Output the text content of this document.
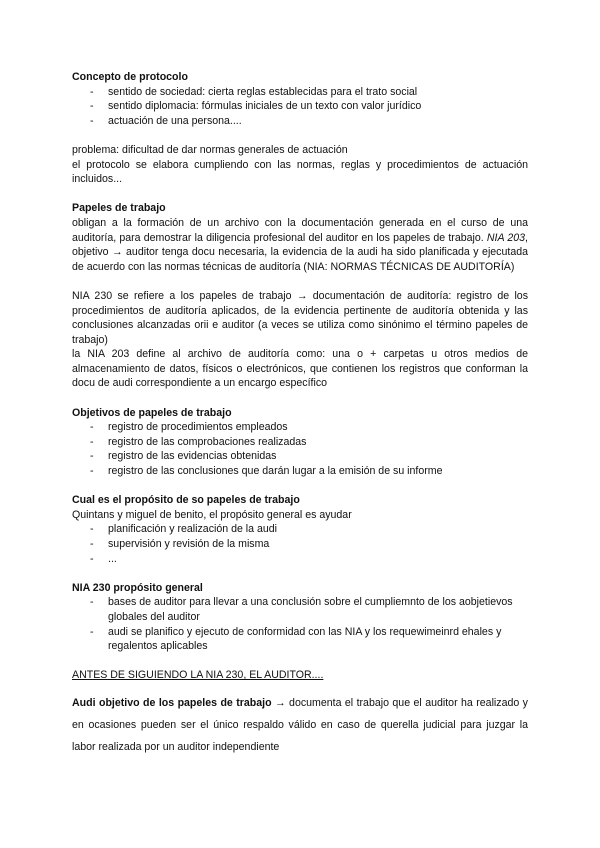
Concepto de protocolo

- sentido de sociedad: cierta reglas establecidas para el trato social
- sentido diplomacia: fórmulas iniciales de un texto con valor jurídico
- actuación de una persona....

problema: dificultad de dar normas generales de actuación

el protocolo se elabora cumpliendo con las normas, reglas y procedimientos de actuación incluidos...

Papeles de trabajo

obligan a la formación de un archivo con la documentación generada en el curso de una auditoría, para demostrar la diligencia profesional del auditor en los papeles de trabajo. NIA 203, objetivo → auditor tenga docu necesaria, la evidencia de la audi ha sido planificada y ejecutada de acuerdo con las normas técnicas de auditoría (NIA: NORMAS TÉCNICAS DE AUDITORÍA)

NIA 230 se refiere a los papeles de trabajo → documentación de auditoría: registro de los procedimientos de auditoría aplicados, de la evidencia pertinente de auditoría obtenida y las conclusiones alcanzadas orii e auditor (a veces se utiliza como sinónimo el término papeles de trabajo)

la NIA 203 define al archivo de auditoría como: una o + carpetas u otros medios de almacenamiento de datos, físicos o electrónicos, que contienen los registros que conforman la docu de audi correspondiente a un encargo específico

Objetivos de papeles de trabajo

- registro de procedimientos empleados
- registro de las comprobaciones realizadas
- registro de las evidencias obtenidas
- registro de las conclusiones que darán lugar a la emisión de su informe

Cual es el propósito de so papeles de trabajo

Quintans y miguel de benito, el propósito general es ayudar

- planificación y realización de la audi
- supervisión y revisión de la misma
- ...

NIA 230 propósito general

- bases de auditor para llevar a una conclusión sobre el cumpliemnto de los aobjetievos globales del auditor
- audi se planifico y ejecuto de conformidad con las NIA y los requewimeinrd ehales y regalentos aplicables

ANTES DE SIGUIENDO LA NIA 230, EL AUDITOR....

Audi objetivo de los papeles de trabajo → documenta el trabajo que el auditor ha realizado y en ocasiones pueden ser el único respaldo válido en caso de querella judicial para juzgar la labor realizada por un auditor independiente
